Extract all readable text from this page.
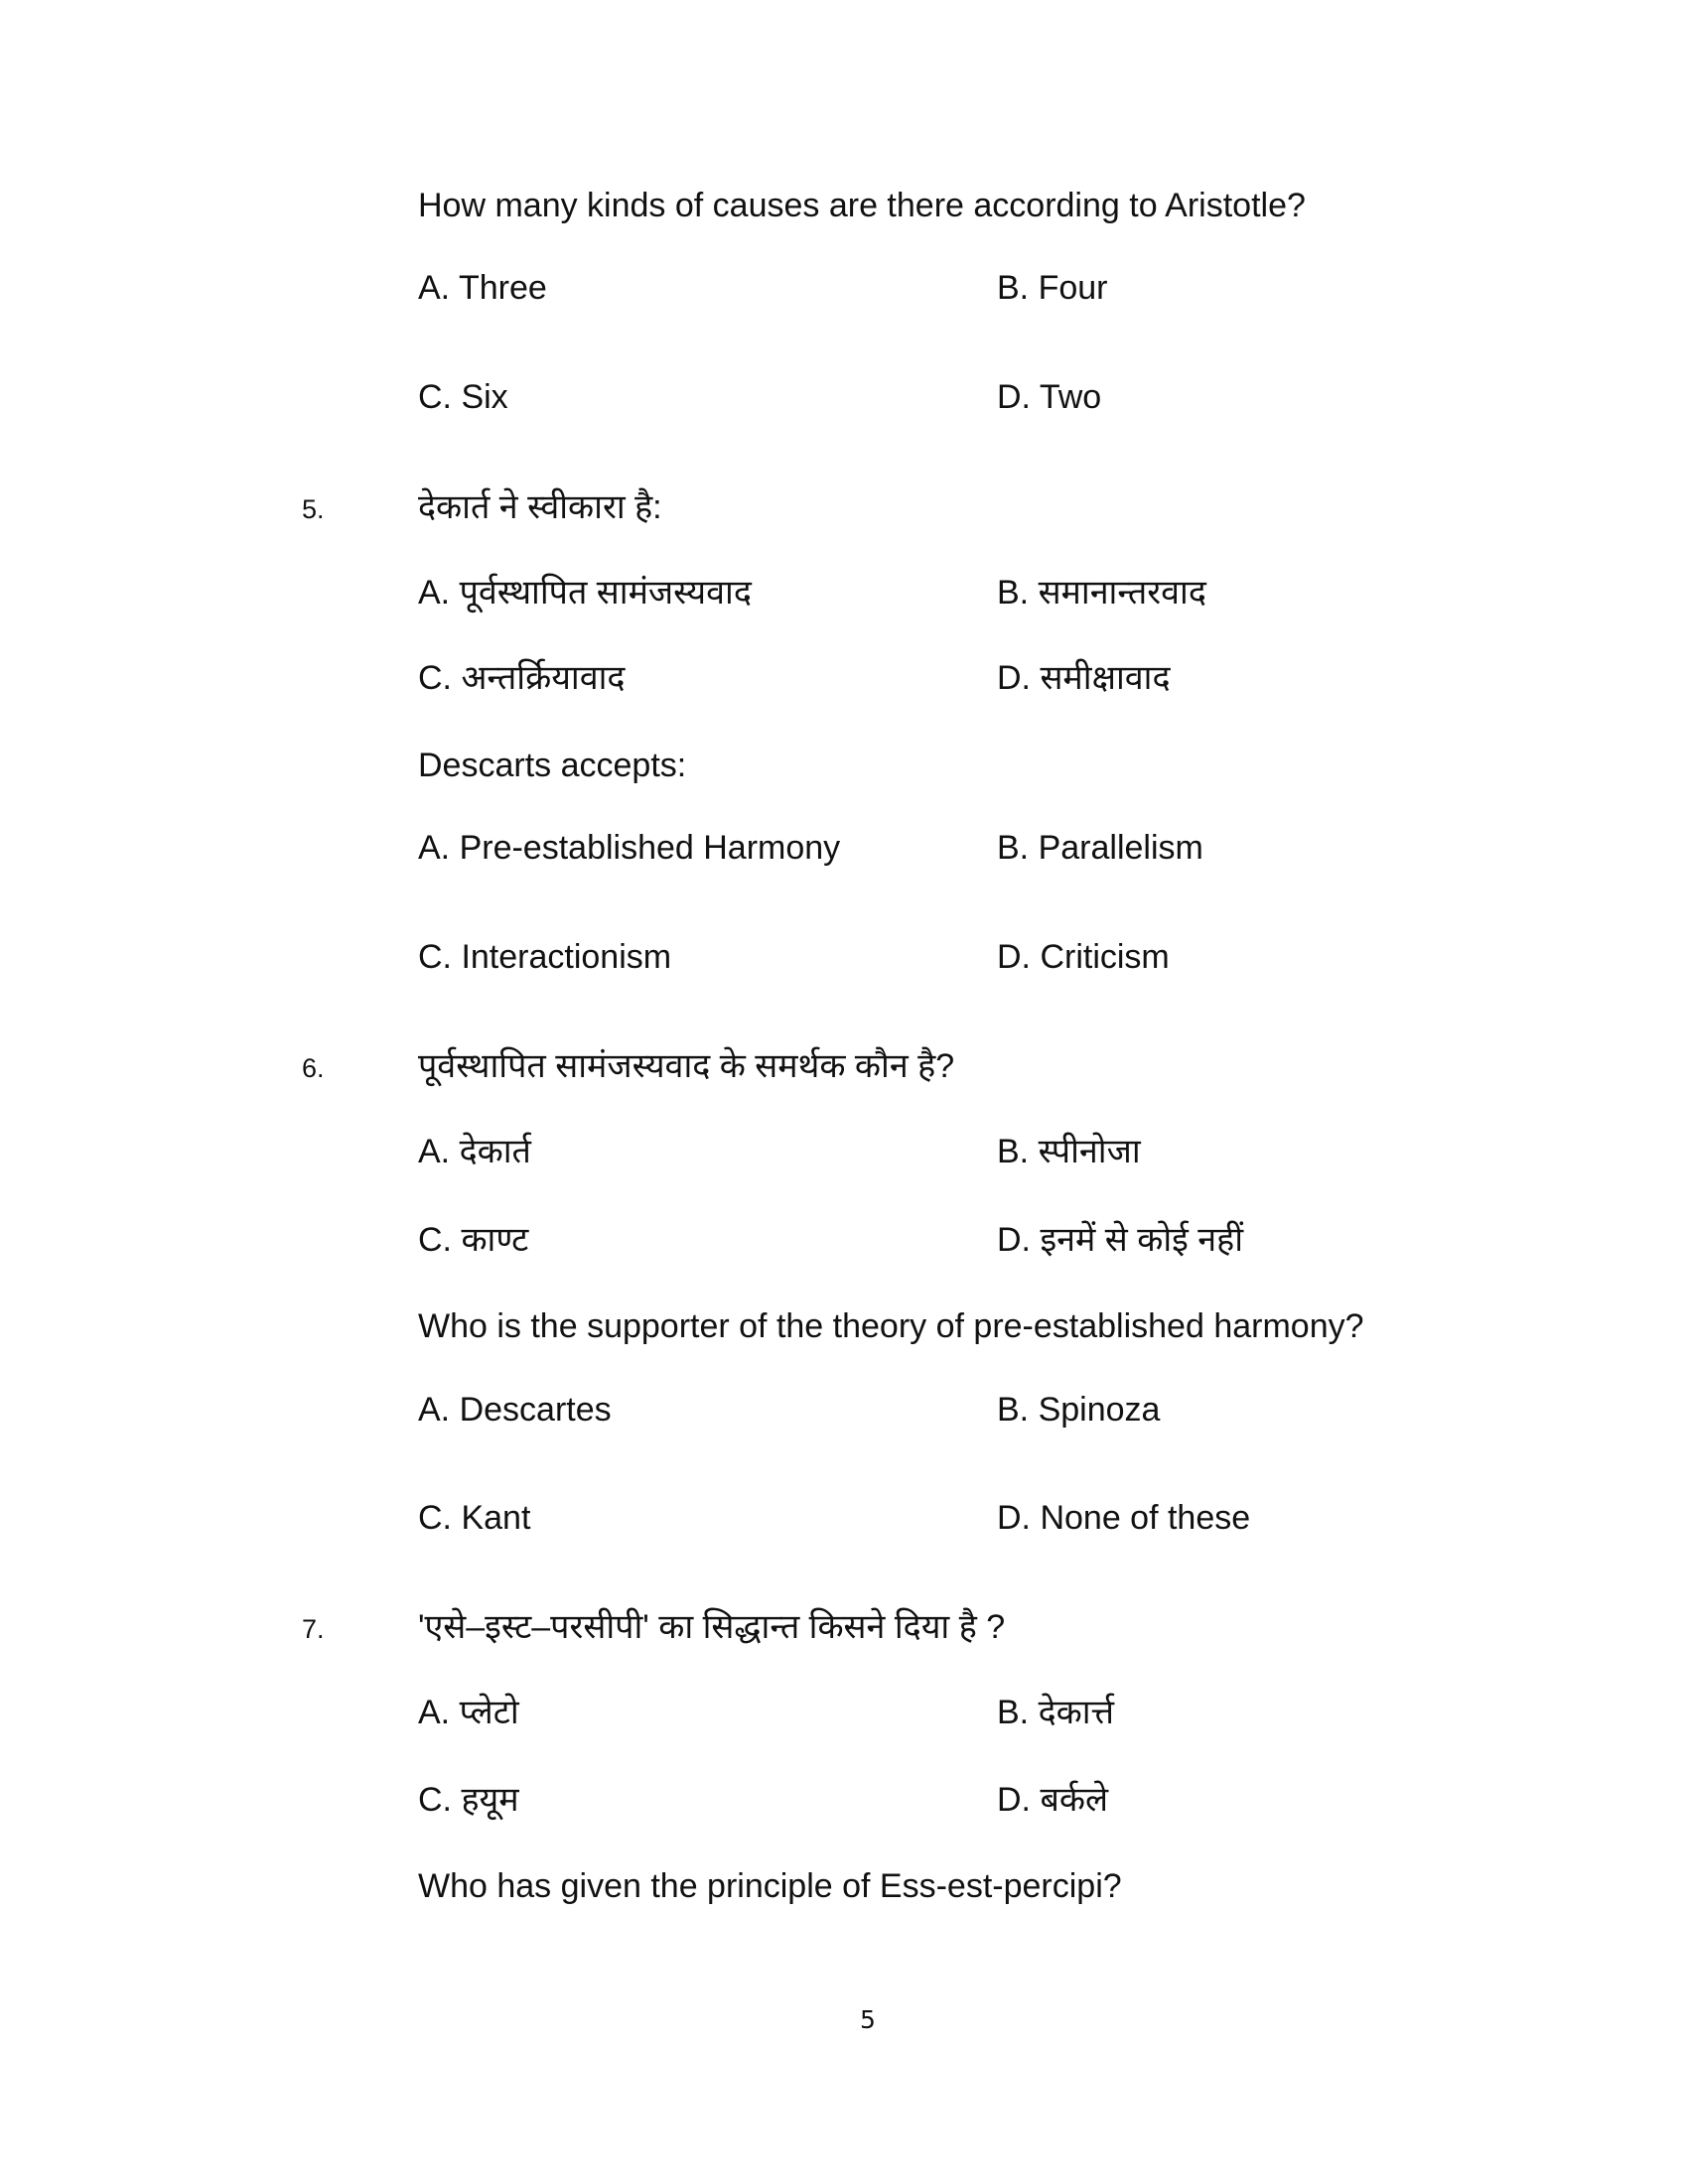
How many kinds of causes are there according to Aristotle?
A. Three	B. Four
C. Six	D. Two
5.	देकार्त ने स्वीकारा है:
A. पूर्वस्थापित सामंजस्यवाद	B. समानान्तरवाद
C. अन्तर्क्रियावाद	D. समीक्षावाद
Descarts accepts:
A. Pre-established Harmony	B. Parallelism
C. Interactionism	D. Criticism
6.	पूर्वस्थापित सामंजस्यवाद के समर्थक कौन है?
A. देकार्त	B. स्पीनोजा
C. काण्ट	D. इनमें से कोई नहीं
Who is the supporter of the theory of pre-established harmony?
A. Descartes	B. Spinoza
C. Kant	D. None of these
7.	'एसे–इस्ट–परसीपी' का सिद्धान्त किसने दिया है ?
A. प्लेटो	B. देकार्त्त
C. हयूम	D. बर्कले
Who has given the principle of Ess-est-percipi?
5
